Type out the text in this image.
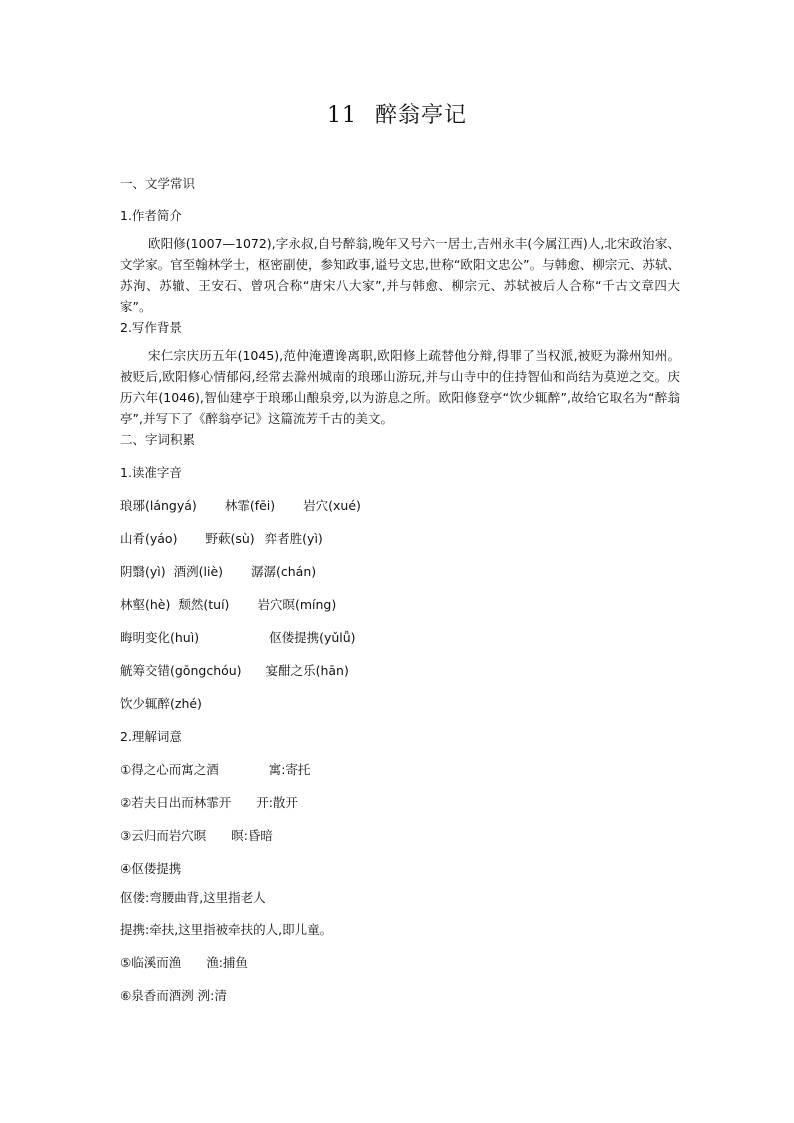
11 醉翁亭记
一、文学常识
1.作者简介
欧阳修(1007—1072),字永叔,自号醉翁,晚年又号六一居士,吉州永丰(今属江西)人,北宋政治家、文学家。官至翰林学士，枢密副使，参知政事,谥号文忠,世称“欧阳文忠公”。与韩愈、柳宗元、苏轼、苏洵、苏辙、王安石、曾巩合称“唐宋八大家”,并与韩愈、柳宗元、苏轼被后人合称“千古文章四大家”。
2.写作背景
宋仁宗庆历五年(1045),范仲淹遭谗离职,欧阳修上疏替他分辩,得罪了当权派,被贬为滁州知州。被贬后,欧阳修心情郁闷,经常去滁州城南的琅琊山游玩,并与山寺中的住持智仙和尚结为莫逆之交。庆历六年(1046),智仙建亭于琅琊山酿泉旁,以为游息之所。欧阳修登亭“饮少辄醉”,故给它取名为“醉翁亭”,并写下了《醉翁亭记》这篇流芳千古的美文。
二、字词积累
1.读准字音
琅琊(lángyá) 林霏(fēi) 岩穴(xué)
山肴(yáo) 野蔌(sù) 弈者胜(yì)
阴翳(yì) 酒洌(liè) 潺潺(chán)
林壑(hè) 颓然(tuí) 岩穴暝(míng)
晦明变化(huì)	伛偻提携(yǔlǚ)
觥筹交错(gōngchóu) 宴酣之乐(hān)
饮少辄醉(zhé)
2.理解词意
①得之心而寓之酒　　　　寓:寄托
②若夫日出而林霏开　　开:散开
③云归而岩穴暝　　暝:昏暗
④伛偻提携
伛偻:弯腰曲背,这里指老人
提携:牵扶,这里指被牵扶的人,即儿童。
⑤临溪而渔　　渔:捕鱼
⑥泉香而酒洌 洌:清
